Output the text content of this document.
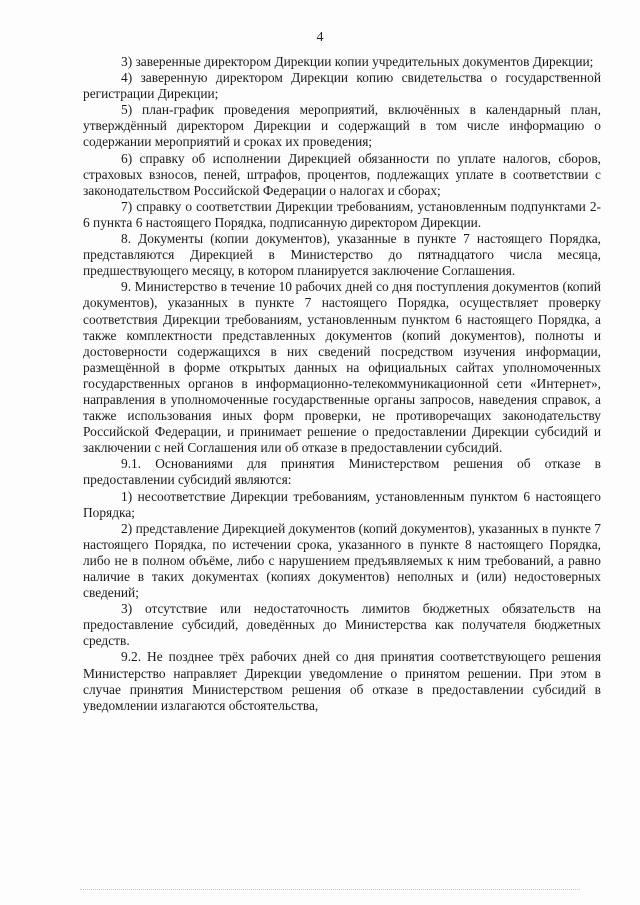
4

3) заверенные директором Дирекции копии учредительных документов Дирекции;

4) заверенную директором Дирекции копию свидетельства о государственной регистрации Дирекции;

5) план-график проведения мероприятий, включённых в календарный план, утверждённый директором Дирекции и содержащий в том числе информацию о содержании мероприятий и сроках их проведения;

6) справку об исполнении Дирекцией обязанности по уплате налогов, сборов, страховых взносов, пеней, штрафов, процентов, подлежащих уплате в соответствии с законодательством Российской Федерации о налогах и сборах;

7) справку о соответствии Дирекции требованиям, установленным подпунктами 2-6 пункта 6 настоящего Порядка, подписанную директором Дирекции.

8. Документы (копии документов), указанные в пункте 7 настоящего Порядка, представляются Дирекцией в Министерство до пятнадцатого числа месяца, предшествующего месяцу, в котором планируется заключение Соглашения.

9. Министерство в течение 10 рабочих дней со дня поступления документов (копий документов), указанных в пункте 7 настоящего Порядка, осуществляет проверку соответствия Дирекции требованиям, установленным пунктом 6 настоящего Порядка, а также комплектности представленных документов (копий документов), полноты и достоверности содержащихся в них сведений посредством изучения информации, размещённой в форме открытых данных на официальных сайтах уполномоченных государственных органов в информационно-телекоммуникационной сети «Интернет», направления в уполномоченные государственные органы запросов, наведения справок, а также использования иных форм проверки, не противоречащих законодательству Российской Федерации, и принимает решение о предоставлении Дирекции субсидий и заключении с ней Соглашения или об отказе в предоставлении субсидий.

9.1. Основаниями для принятия Министерством решения об отказе в предоставлении субсидий являются:

1) несоответствие Дирекции требованиям, установленным пунктом 6 настоящего Порядка;

2) представление Дирекцией документов (копий документов), указанных в пункте 7 настоящего Порядка, по истечении срока, указанного в пункте 8 настоящего Порядка, либо не в полном объёме, либо с нарушением предъявляемых к ним требований, а равно наличие в таких документах (копиях документов) неполных и (или) недостоверных сведений;

3) отсутствие или недостаточность лимитов бюджетных обязательств на предоставление субсидий, доведённых до Министерства как получателя бюджетных средств.

9.2. Не позднее трёх рабочих дней со дня принятия соответствующего решения Министерство направляет Дирекции уведомление о принятом решении. При этом в случае принятия Министерством решения об отказе в предоставлении субсидий в уведомлении излагаются обстоятельства,
